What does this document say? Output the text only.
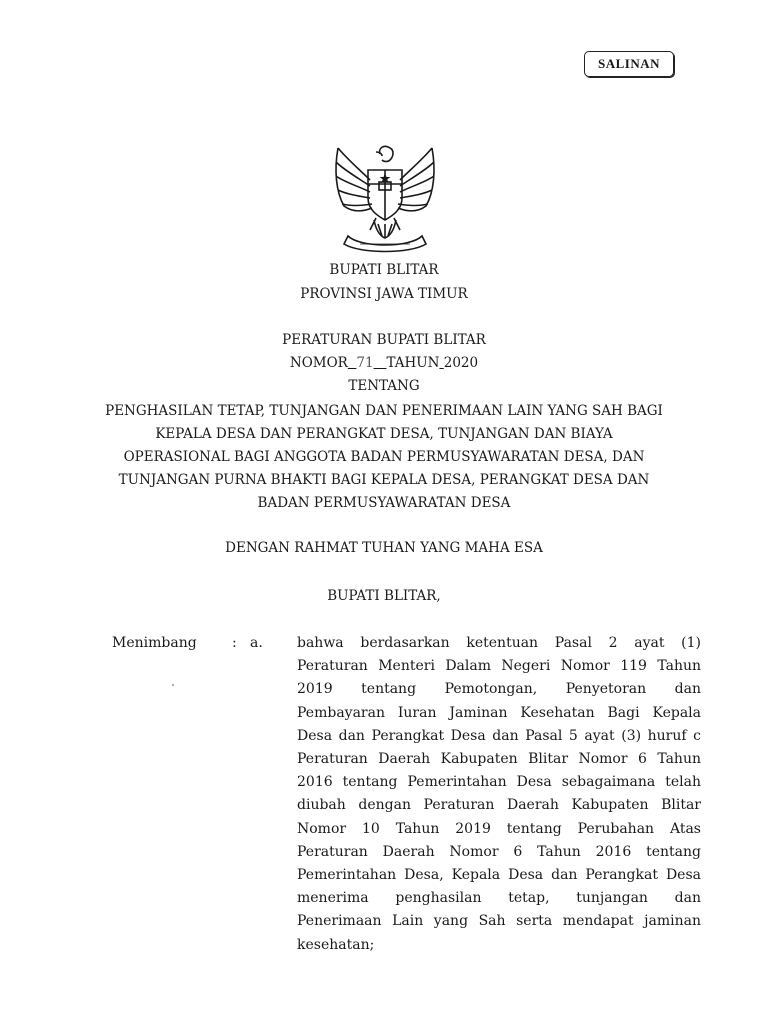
SALINAN
BUPATI BLITAR
PROVINSI JAWA TIMUR
PERATURAN BUPATI BLITAR
NOMOR 71 TAHUN 2020
TENTANG
PENGHASILAN TETAP, TUNJANGAN DAN PENERIMAAN LAIN YANG SAH BAGI
KEPALA DESA DAN PERANGKAT DESA, TUNJANGAN DAN BIAYA
OPERASIONAL BAGI ANGGOTA BADAN PERMUSYAWARATAN DESA, DAN
TUNJANGAN PURNA BHAKTI BAGI KEPALA DESA, PERANGKAT DESA DAN
BADAN PERMUSYAWARATAN DESA
DENGAN RAHMAT TUHAN YANG MAHA ESA
BUPATI BLITAR,
Menimbang	: a. bahwa berdasarkan ketentuan Pasal 2 ayat (1)
Peraturan Menteri Dalam Negeri Nomor 119 Tahun
2019 tentang Pemotongan, Penyetoran dan
Pembayaran Iuran Jaminan Kesehatan Bagi Kepala
Desa dan Perangkat Desa dan Pasal 5 ayat (3) huruf c
Peraturan Daerah Kabupaten Blitar Nomor 6 Tahun
2016 tentang Pemerintahan Desa sebagaimana telah
diubah dengan Peraturan Daerah Kabupaten Blitar
Nomor 10 Tahun 2019 tentang Perubahan Atas
Peraturan Daerah Nomor 6 Tahun 2016 tentang
Pemerintahan Desa, Kepala Desa dan Perangkat Desa
menerima penghasilan tetap, tunjangan dan
Penerimaan Lain yang Sah serta mendapat jaminan
kesehatan;
